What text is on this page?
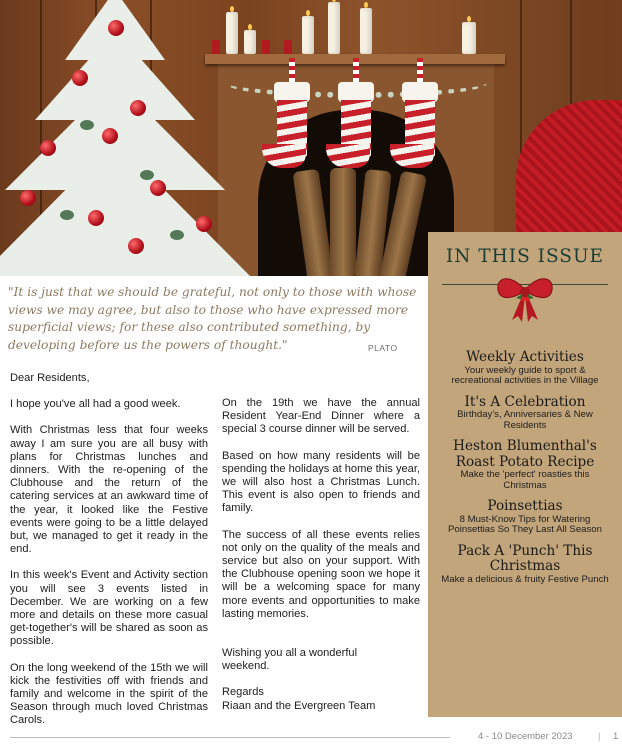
"It is just that we should be grateful, not only to those with whose views we may agree, but also to those who have expressed more superficial views; for these also contributed something, by developing before us the powers of thought."	PLATO

Dear Residents,

I hope you've all had a good week.

With Christmas less that four weeks away I am sure you are all busy with plans for Christmas lunches and dinners. With the re-opening of the Clubhouse and the return of the catering services at an awkward time of the year, it looked like the Festive events were going to be a little delayed but, we managed to get it ready in the end.

In this week's Event and Activity section you will see 3 events listed in December. We are working on a few more and details on these more casual get-together's will be shared as soon as possible.

On the long weekend of the 15th we will kick the festivities off with friends and family and welcome in the spirit of the Season through much loved Christmas Carols.

On the 19th we have the annual Resident Year-End Dinner where a special 3 course dinner will be served.

Based on how many residents will be spending the holidays at home this year, we will also host a Christmas Lunch. This event is also open to friends and family.

The success of all these events relies not only on the quality of the meals and service but also on your support. With the Clubhouse opening soon we hope it will be a welcoming space for many more events and opportunities to make lasting memories.

Wishing you all a wonderful weekend.

Regards

Riaan and the Evergreen Team

IN THIS ISSUE
Weekly Activities
Your weekly guide to sport & recreational activities in the Village
It's A Celebration
Birthday's, Anniversaries & New Residents
Heston Blumenthal's Roast Potato Recipe
Make the 'perfect' roasties this Christmas
Poinsettias
8 Must-Know Tips for Watering Poinsettias So They Last All Season
Pack A 'Punch' This Christmas
Make a delicious & fruity Festive Punch
4 - 10 December 2023	| 1
